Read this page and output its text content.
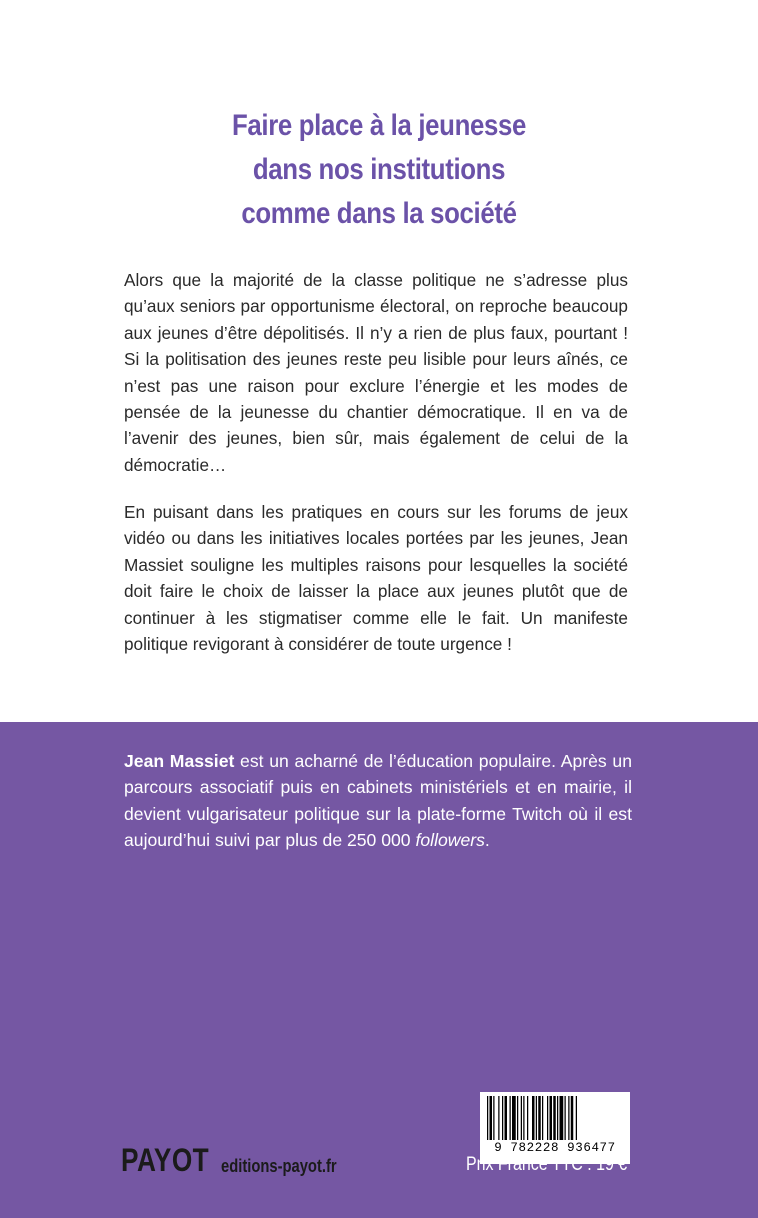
Faire place à la jeunesse
dans nos institutions
comme dans la société

Alors que la majorité de la classe politique ne s’adresse plus qu’aux seniors par opportunisme électoral, on reproche beaucoup aux jeunes d’être dépolitisés. Il n’y a rien de plus faux, pourtant ! Si la politisation des jeunes reste peu lisible pour leurs aînés, ce n’est pas une raison pour exclure l’énergie et les modes de pensée de la jeunesse du chantier démocratique. Il en va de l’avenir des jeunes, bien sûr, mais également de celui de la démocratie…

En puisant dans les pratiques en cours sur les forums de jeux vidéo ou dans les initiatives locales portées par les jeunes, Jean Massiet souligne les multiples raisons pour lesquelles la société doit faire le choix de laisser la place aux jeunes plutôt que de continuer à les stigmatiser comme elle le fait. Un manifeste politique revigorant à considérer de toute urgence !

Jean Massiet est un acharné de l’éducation populaire. Après un parcours associatif puis en cabinets ministériels et en mairie, il devient vulgarisateur politique sur la plate-forme Twitch où il est aujourd’hui suivi par plus de 250 000 followers.

9 782228 936477
PAYOT editions-payot.fr	Prix France TTC : 19 €
